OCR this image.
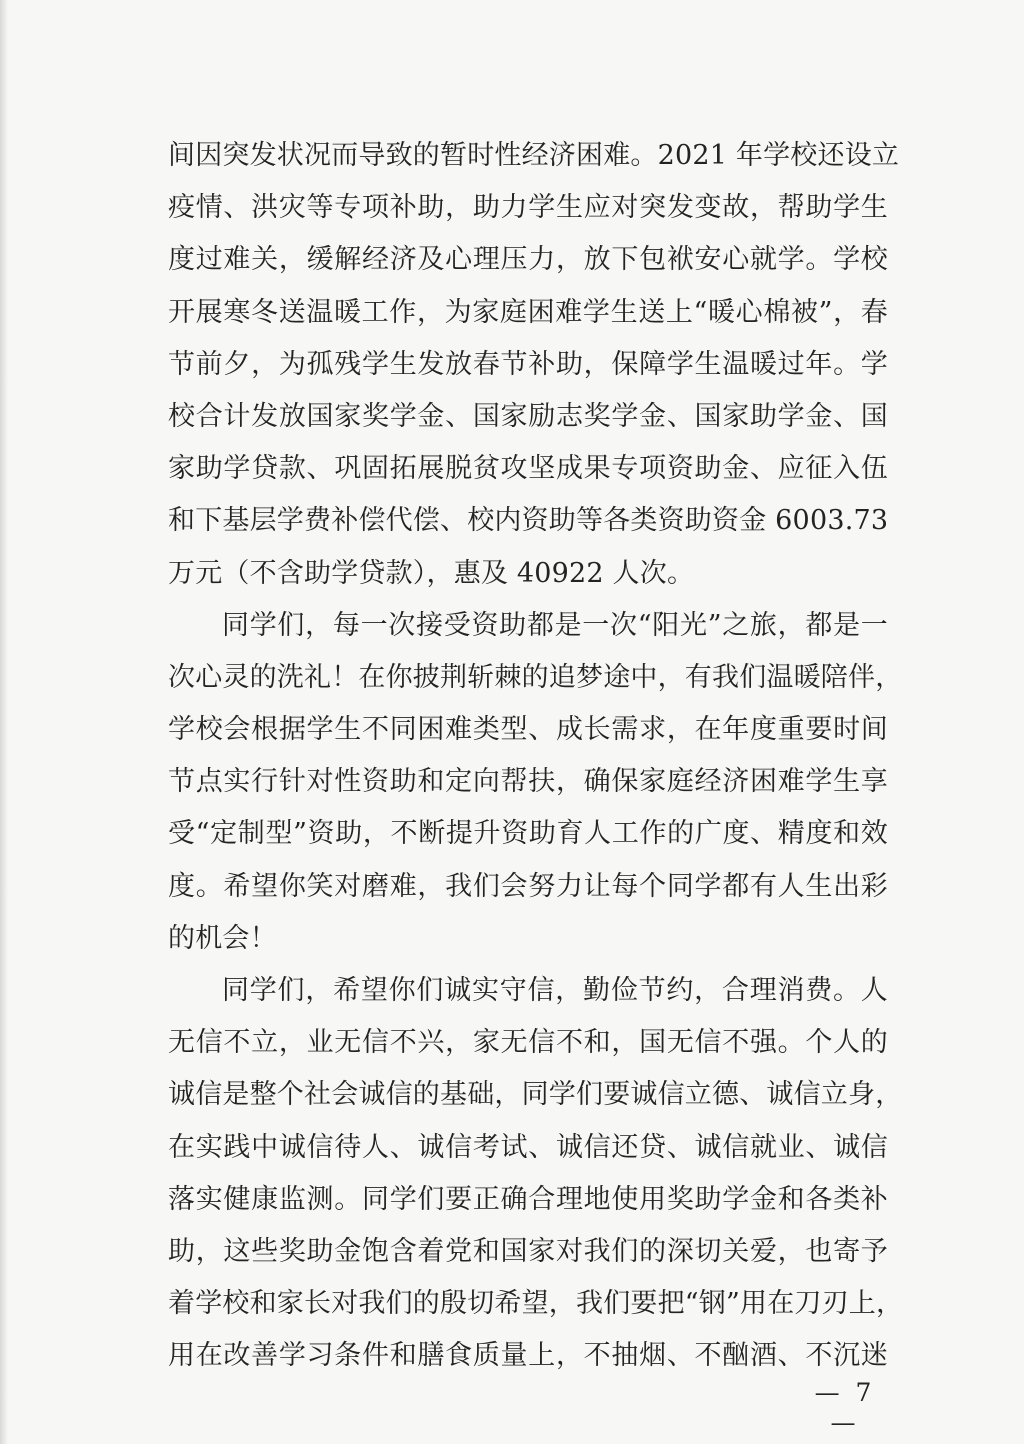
间因突发状况而导致的暂时性经济困难。2021 年学校还设立
疫情、洪灾等专项补助，助力学生应对突发变故，帮助学生
度过难关，缓解经济及心理压力，放下包袱安心就学。学校
开展寒冬送温暖工作，为家庭困难学生送上“暖心棉被”，春
节前夕，为孤残学生发放春节补助，保障学生温暖过年。学
校合计发放国家奖学金、国家励志奖学金、国家助学金、国
家助学贷款、巩固拓展脱贫攻坚成果专项资助金、应征入伍
和下基层学费补偿代偿、校内资助等各类资助资金 6003.73
万元（不含助学贷款），惠及 40922 人次。
同学们，每一次接受资助都是一次“阳光”之旅，都是一
次心灵的洗礼！在你披荆斩棘的追梦途中，有我们温暖陪伴，
学校会根据学生不同困难类型、成长需求，在年度重要时间
节点实行针对性资助和定向帮扶，确保家庭经济困难学生享
受“定制型”资助，不断提升资助育人工作的广度、精度和效
度。希望你笑对磨难，我们会努力让每个同学都有人生出彩
的机会！
同学们，希望你们诚实守信，勤俭节约，合理消费。人
无信不立，业无信不兴，家无信不和，国无信不强。个人的
诚信是整个社会诚信的基础，同学们要诚信立德、诚信立身，
在实践中诚信待人、诚信考试、诚信还贷、诚信就业、诚信
落实健康监测。同学们要正确合理地使用奖助学金和各类补
助，这些奖助金饱含着党和国家对我们的深切关爱，也寄予
着学校和家长对我们的殷切希望，我们要把“钢”用在刀刃上，
用在改善学习条件和膳食质量上，不抽烟、不酗酒、不沉迷
— 7 —
